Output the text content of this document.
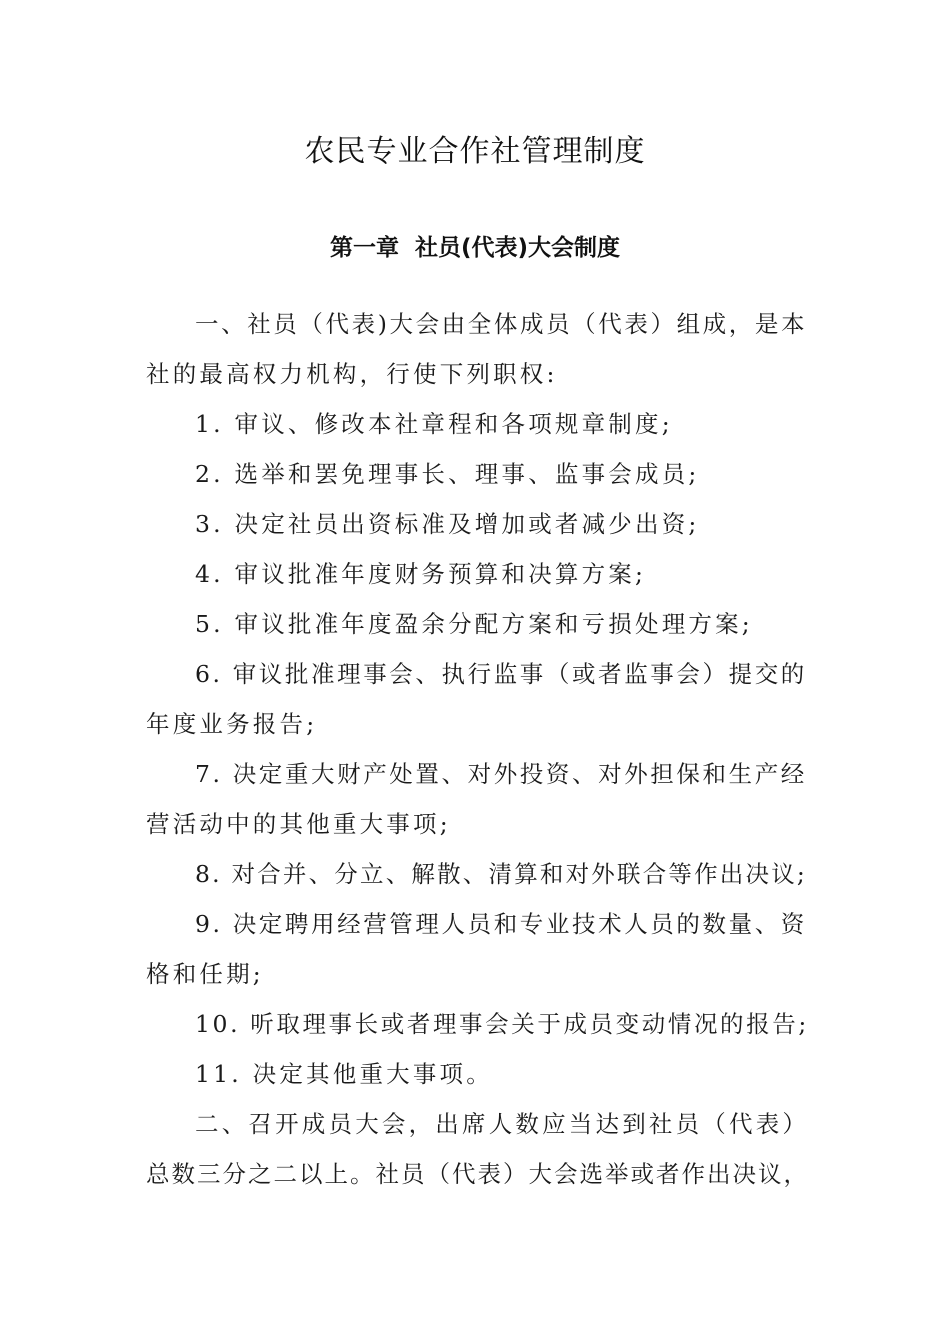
农民专业合作社管理制度
第一章  社员(代表)大会制度
一、社员（代表)大会由全体成员（代表）组成，是本
社的最高权力机构，行使下列职权:
1. 审议、修改本社章程和各项规章制度;
2. 选举和罢免理事长、理事、监事会成员;
3. 决定社员出资标准及增加或者减少出资;
4. 审议批准年度财务预算和决算方案;
5. 审议批准年度盈余分配方案和亏损处理方案;
6. 审议批准理事会、执行监事（或者监事会）提交的
年度业务报告;
7. 决定重大财产处置、对外投资、对外担保和生产经
营活动中的其他重大事项;
8. 对合并、分立、解散、清算和对外联合等作出决议;
9. 决定聘用经营管理人员和专业技术人员的数量、资
格和任期;
10. 听取理事长或者理事会关于成员变动情况的报告;
11. 决定其他重大事项。
二、召开成员大会，出席人数应当达到社员（代表）
总数三分之二以上。社员（代表）大会选举或者作出决议，
